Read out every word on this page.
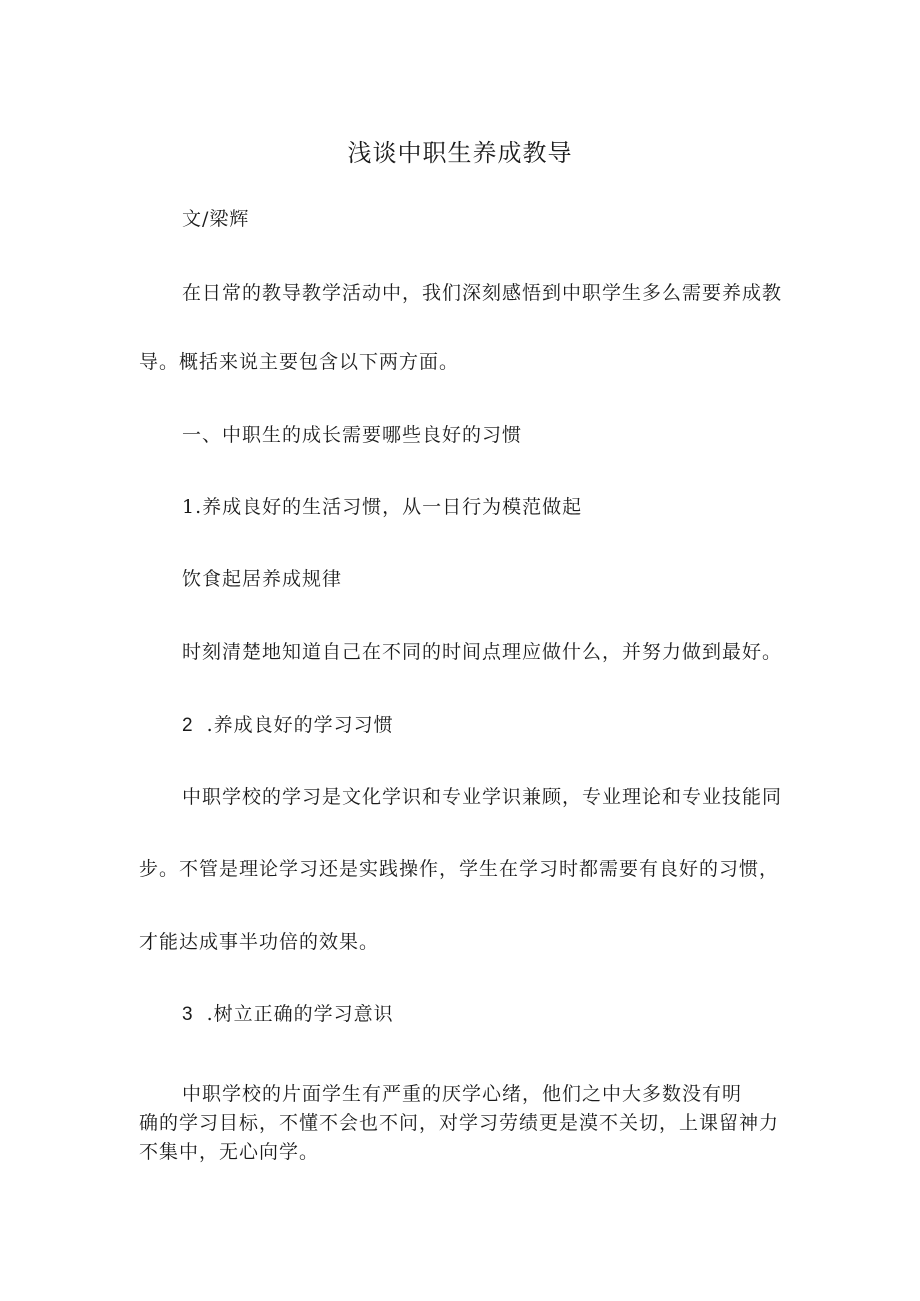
浅谈中职生养成教导
文/梁辉
在日常的教导教学活动中，我们深刻感悟到中职学生多么需要养成教
导。概括来说主要包含以下两方面。
一、中职生的成长需要哪些良好的习惯
1.养成良好的生活习惯，从一日行为模范做起
饮食起居养成规律
时刻清楚地知道自己在不同的时间点理应做什么，并努力做到最好。
2 .养成良好的学习习惯
中职学校的学习是文化学识和专业学识兼顾，专业理论和专业技能同
步。不管是理论学习还是实践操作，学生在学习时都需要有良好的习惯，
才能达成事半功倍的效果。
3 .树立正确的学习意识
中职学校的片面学生有严重的厌学心绪，他们之中大多数没有明
确的学习目标，不懂不会也不问，对学习劳绩更是漠不关切，上课留神力
不集中，无心向学。
